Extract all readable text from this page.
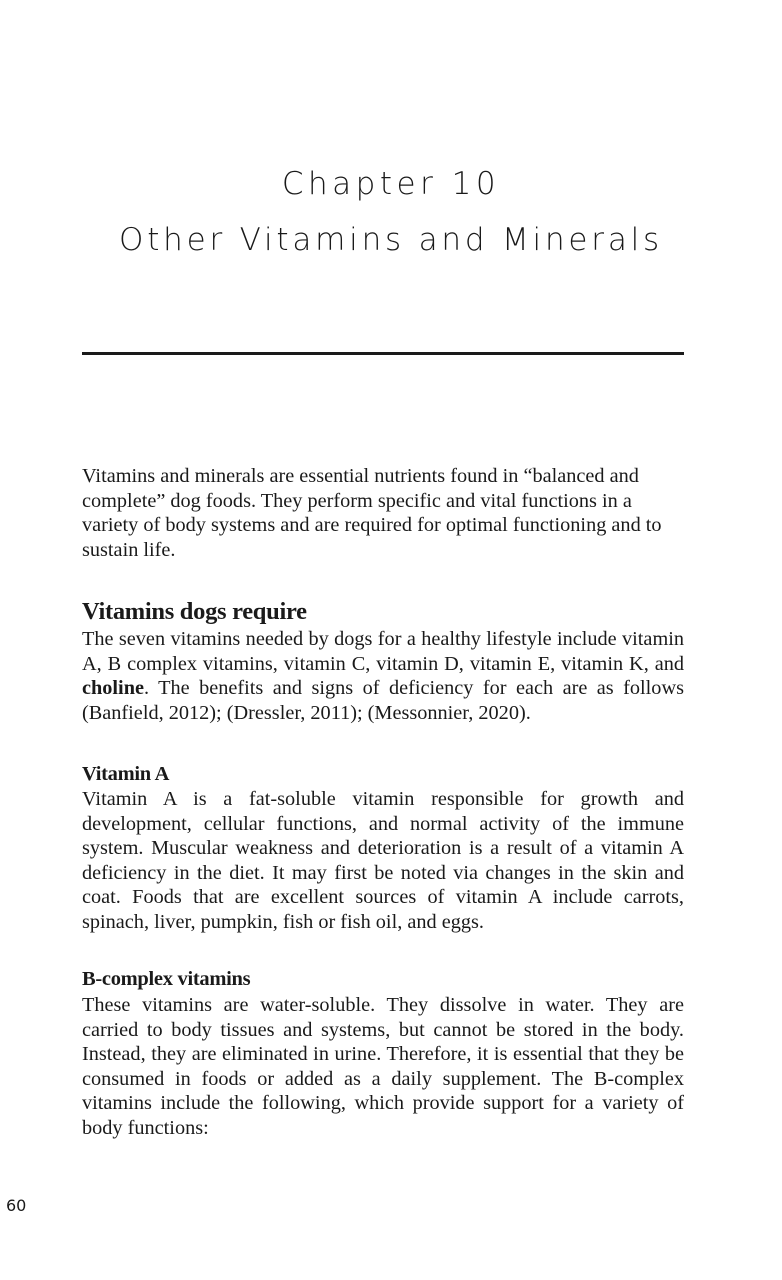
Chapter 10
Other Vitamins and Minerals

Vitamins and minerals are essential nutrients found in “balanced and complete” dog foods. They perform specific and vital functions in a variety of body systems and are required for optimal functioning and to sustain life.

Vitamins dogs require

The seven vitamins needed by dogs for a healthy lifestyle include vitamin A, B complex vitamins, vitamin C, vitamin D, vitamin E, vitamin K, and choline. The benefits and signs of deficiency for each are as follows (Banfield, 2012); (Dressler, 2011); (Messonnier, 2020).

Vitamin A

Vitamin A is a fat-soluble vitamin responsible for growth and development, cellular functions, and normal activity of the immune system. Muscular weakness and deterioration is a result of a vitamin A deficiency in the diet. It may first be noted via changes in the skin and coat. Foods that are excellent sources of vitamin A include carrots, spinach, liver, pumpkin, fish or fish oil, and eggs.

B-complex vitamins

These vitamins are water-soluble. They dissolve in water. They are carried to body tissues and systems, but cannot be stored in the body. Instead, they are eliminated in urine. Therefore, it is essential that they be consumed in foods or added as a daily supplement. The B-complex vitamins include the following, which provide support for a variety of body functions:

60
